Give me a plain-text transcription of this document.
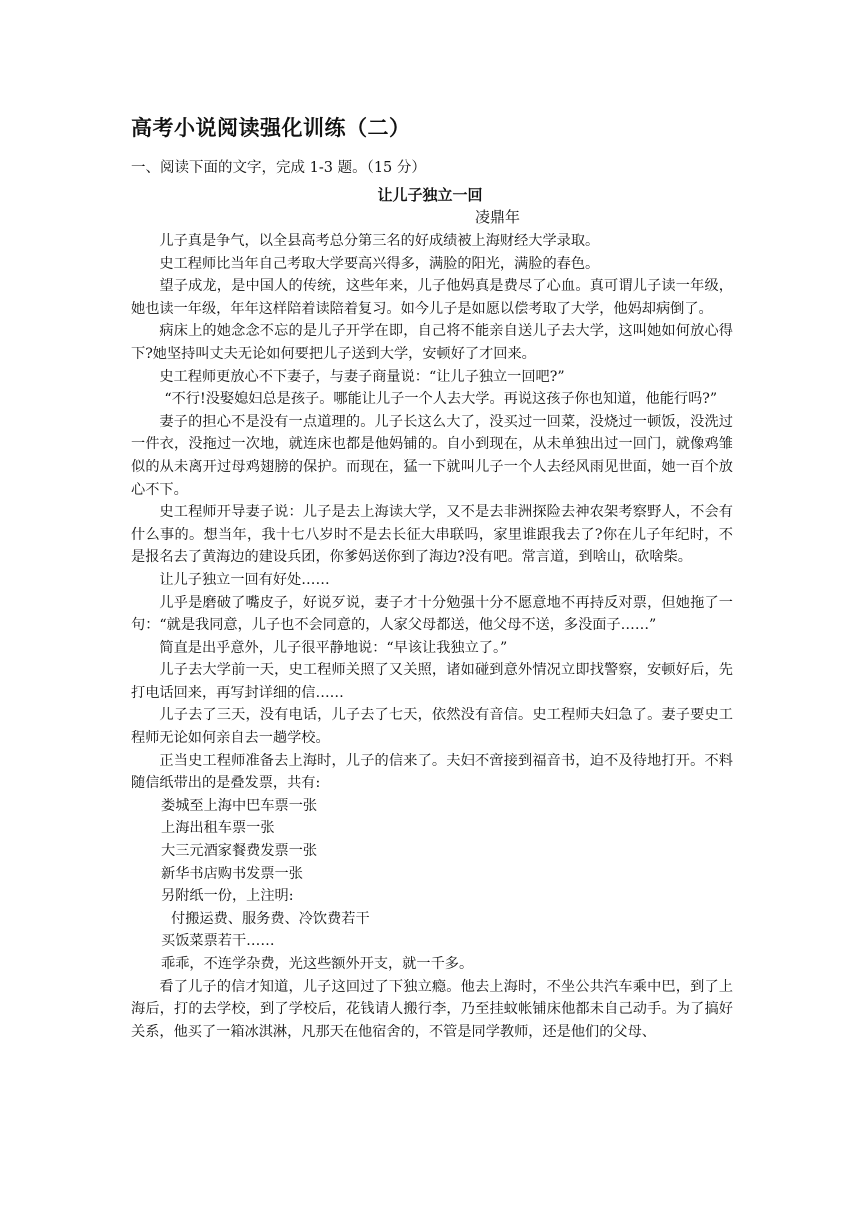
高考小说阅读强化训练（二）

一、阅读下面的文字，完成 1-3 题。（15 分）

让儿子独立一回

凌鼎年

儿子真是争气，以全县高考总分第三名的好成绩被上海财经大学录取。

史工程师比当年自己考取大学要高兴得多，满脸的阳光，满脸的春色。

望子成龙，是中国人的传统，这些年来，儿子他妈真是费尽了心血。真可谓儿子读一年级，她也读一年级，年年这样陪着读陪着复习。如今儿子是如愿以偿考取了大学，他妈却病倒了。

病床上的她念念不忘的是儿子开学在即，自己将不能亲自送儿子去大学，这叫她如何放心得下?她坚持叫丈夫无论如何要把儿子送到大学，安顿好了才回来。

史工程师更放心不下妻子，与妻子商量说：“让儿子独立一回吧?”

“不行!没娶媳妇总是孩子。哪能让儿子一个人去大学。再说这孩子你也知道，他能行吗?”

妻子的担心不是没有一点道理的。儿子长这么大了，没买过一回菜，没烧过一顿饭，没洗过一件衣，没拖过一次地，就连床也都是他妈铺的。自小到现在，从未单独出过一回门，就像鸡雏似的从未离开过母鸡翅膀的保护。而现在，猛一下就叫儿子一个人去经风雨见世面，她一百个放心不下。

史工程师开导妻子说：儿子是去上海读大学，又不是去非洲探险去神农架考察野人，不会有什么事的。想当年，我十七八岁时不是去长征大串联吗，家里谁跟我去了?你在儿子年纪时，不是报名去了黄海边的建设兵团，你爹妈送你到了海边?没有吧。常言道，到啥山，砍啥柴。

让儿子独立一回有好处……

儿乎是磨破了嘴皮子，好说歹说，妻子才十分勉强十分不愿意地不再持反对票，但她拖了一句：“就是我同意，儿子也不会同意的，人家父母都送，他父母不送，多没面子……”

简直是出乎意外，儿子很平静地说：“早该让我独立了。”

儿子去大学前一天，史工程师关照了又关照，诸如碰到意外情况立即找警察，安顿好后，先打电话回来，再写封详细的信……

儿子去了三天，没有电话，儿子去了七天，依然没有音信。史工程师夫妇急了。妻子要史工程师无论如何亲自去一趟学校。

正当史工程师准备去上海时，儿子的信来了。夫妇不啻接到福音书，迫不及待地打开。不料随信纸带出的是叠发票，共有:

娄城至上海中巴车票一张

上海出租车票一张

大三元酒家餐费发票一张

新华书店购书发票一张

另附纸一份，上注明:

付搬运费、服务费、冷饮费若干

买饭菜票若干……

乖乖，不连学杂费，光这些额外开支，就一千多。

看了儿子的信才知道，儿子这回过了下独立瘾。他去上海时，不坐公共汽车乘中巴，到了上海后，打的去学校，到了学校后，花钱请人搬行李，乃至挂蚊帐铺床他都未自己动手。为了搞好关系，他买了一箱冰淇淋，凡那天在他宿舍的，不管是同学教师，还是他们的父母、
